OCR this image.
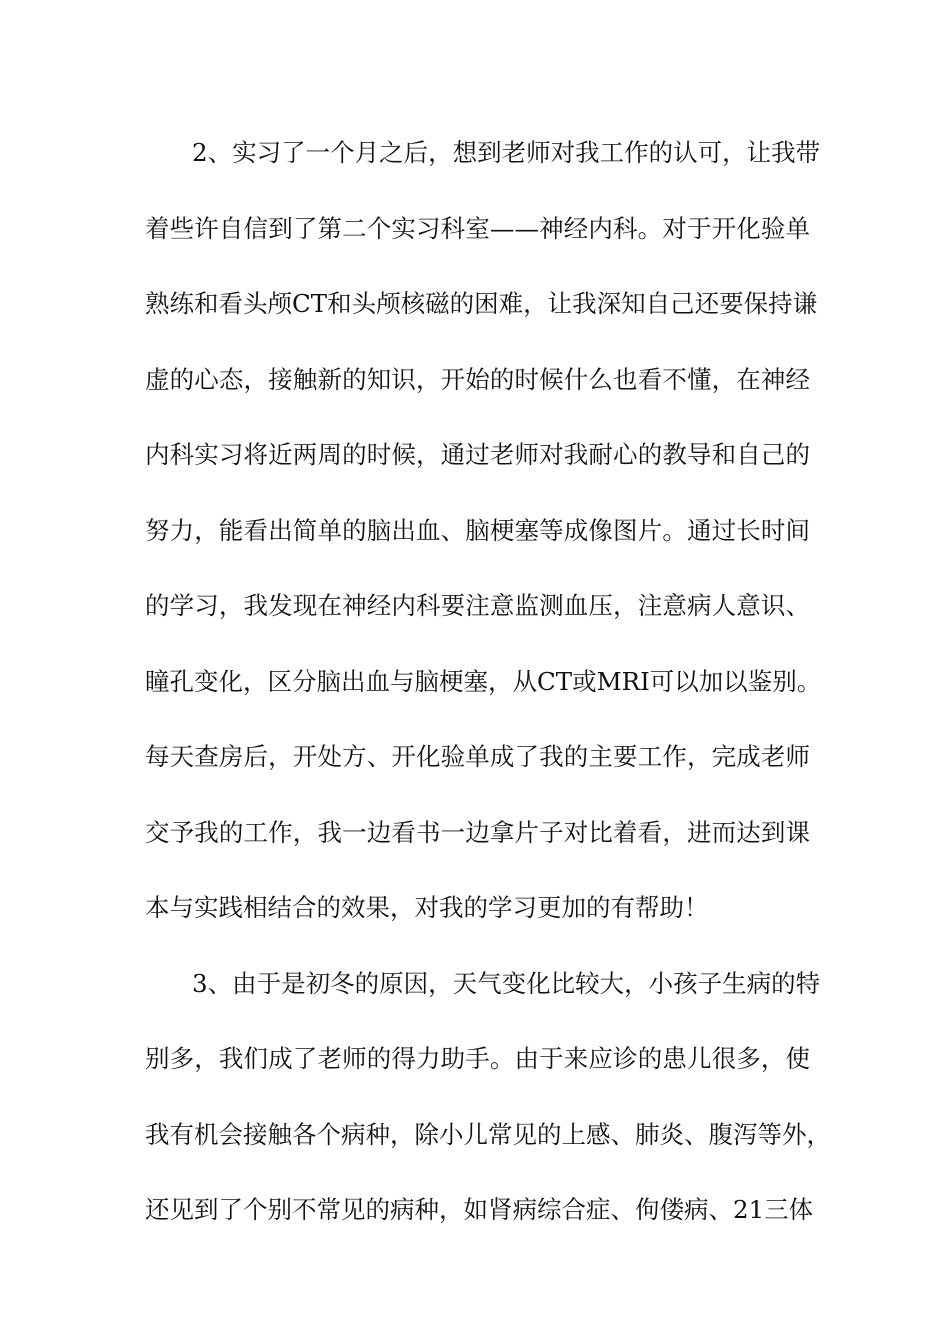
2、实习了一个月之后，想到老师对我工作的认可，让我带
着些许自信到了第二个实习科室——神经内科。对于开化验单
熟练和看头颅CT和头颅核磁的困难，让我深知自己还要保持谦
虚的心态，接触新的知识，开始的时候什么也看不懂，在神经
内科实习将近两周的时候，通过老师对我耐心的教导和自己的
努力，能看出简单的脑出血、脑梗塞等成像图片。通过长时间
的学习，我发现在神经内科要注意监测血压，注意病人意识、
瞳孔变化，区分脑出血与脑梗塞，从CT或MRI可以加以鉴别。
每天查房后，开处方、开化验单成了我的主要工作，完成老师
交予我的工作，我一边看书一边拿片子对比着看，进而达到课
本与实践相结合的效果，对我的学习更加的有帮助！
3、由于是初冬的原因，天气变化比较大，小孩子生病的特
别多，我们成了老师的得力助手。由于来应诊的患儿很多，使
我有机会接触各个病种，除小儿常见的上感、肺炎、腹泻等外，
还见到了个别不常见的病种，如肾病综合症、佝偻病、21三体
